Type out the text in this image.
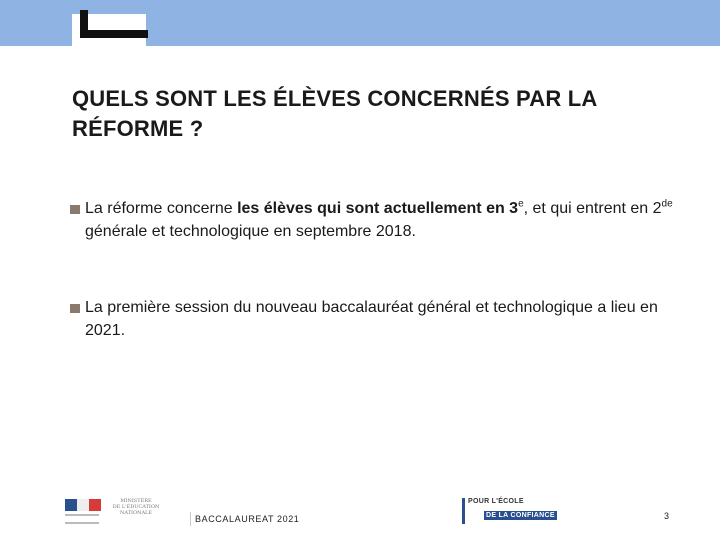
QUELS SONT LES ÉLÈVES CONCERNÉS PAR LA RÉFORME ?
La réforme concerne les élèves qui sont actuellement en 3e, et qui entrent en 2de générale et technologique en septembre 2018.
La première session du nouveau baccalauréat général et technologique a lieu en 2021.
MINISTÈRE
DE L'ÉDUCATION
NATIONALE
BACCALAUREAT 2021
POUR L'ÉCOLE
DE LA CONFIANCE	3
